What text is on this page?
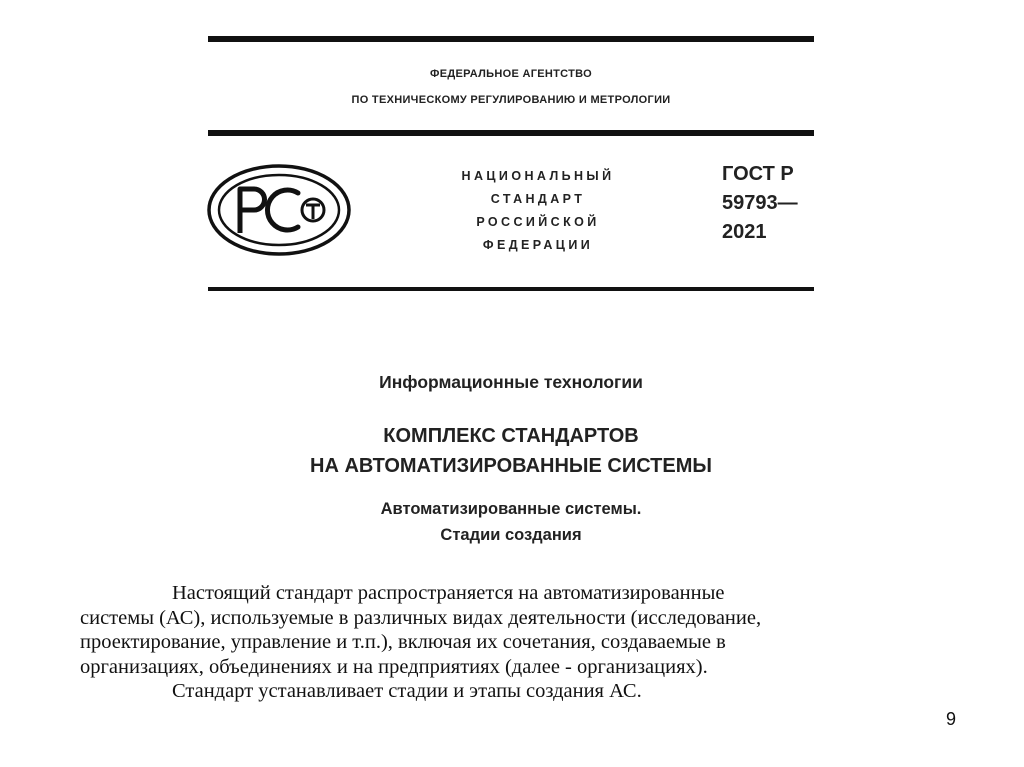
ФЕДЕРАЛЬНОЕ АГЕНТСТВО
ПО ТЕХНИЧЕСКОМУ РЕГУЛИРОВАНИЮ И МЕТРОЛОГИИ
НАЦИОНАЛЬНЫЙ
СТАНДАРТ
РОССИЙСКОЙ
ФЕДЕРАЦИИ
ГОСТ Р
59793—
2021
Информационные технологии
КОМПЛЕКС СТАНДАРТОВ
НА АВТОМАТИЗИРОВАННЫЕ СИСТЕМЫ
Автоматизированные системы.
Стадии создания
Настоящий стандарт распространяется на автоматизированные
системы (АС), используемые в различных видах деятельности (исследование,
проектирование, управление и т.п.), включая их сочетания, создаваемые в
организациях, объединениях и на предприятиях (далее - организациях).
Стандарт устанавливает стадии и этапы создания АС.
9
